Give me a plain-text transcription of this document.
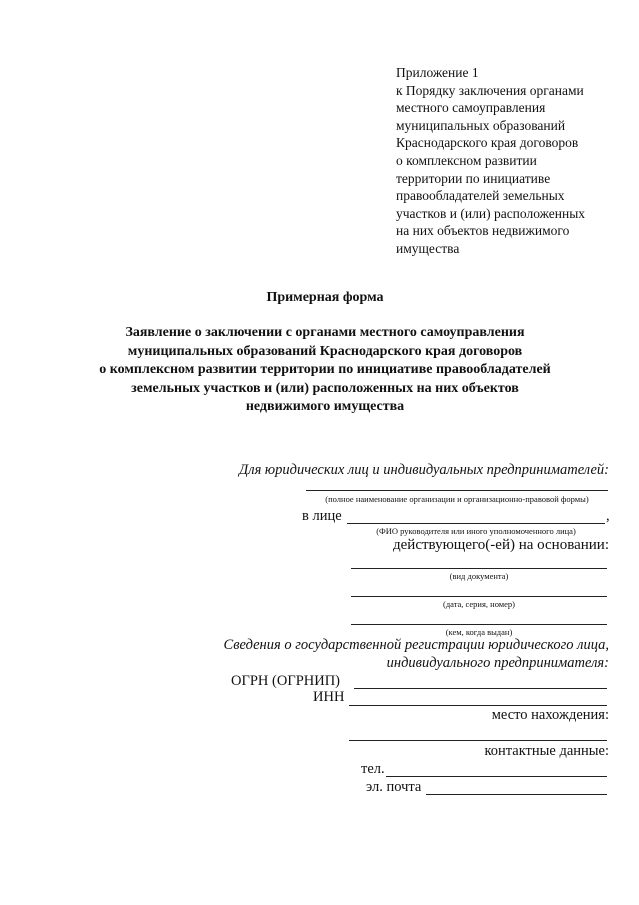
Приложение 1
к Порядку заключения органами
местного самоуправления
муниципальных образований
Краснодарского края договоров
о комплексном развитии
территории по инициативе
правообладателей земельных
участков и (или) расположенных
на них объектов недвижимого
имущества
Примерная форма
Заявление о заключении с органами местного самоуправления
муниципальных образований Краснодарского края договоров
о комплексном развитии территории по инициативе правообладателей
земельных участков и (или) расположенных на них объектов
недвижимого имущества
Для юридических лиц и индивидуальных предпринимателей:
(полное наименование организации и организационно-правовой формы)
в лице	,
(ФИО руководителя или иного уполномоченного лица)
действующего(-ей) на основании:
(вид документа)
(дата, серия, номер)
(кем, когда выдан)
Сведения о государственной регистрации юридического лица,
индивидуального предпринимателя:
ОГРН (ОГРНИП)
ИНН
место нахождения:
контактные данные:
тел.
эл. почта
